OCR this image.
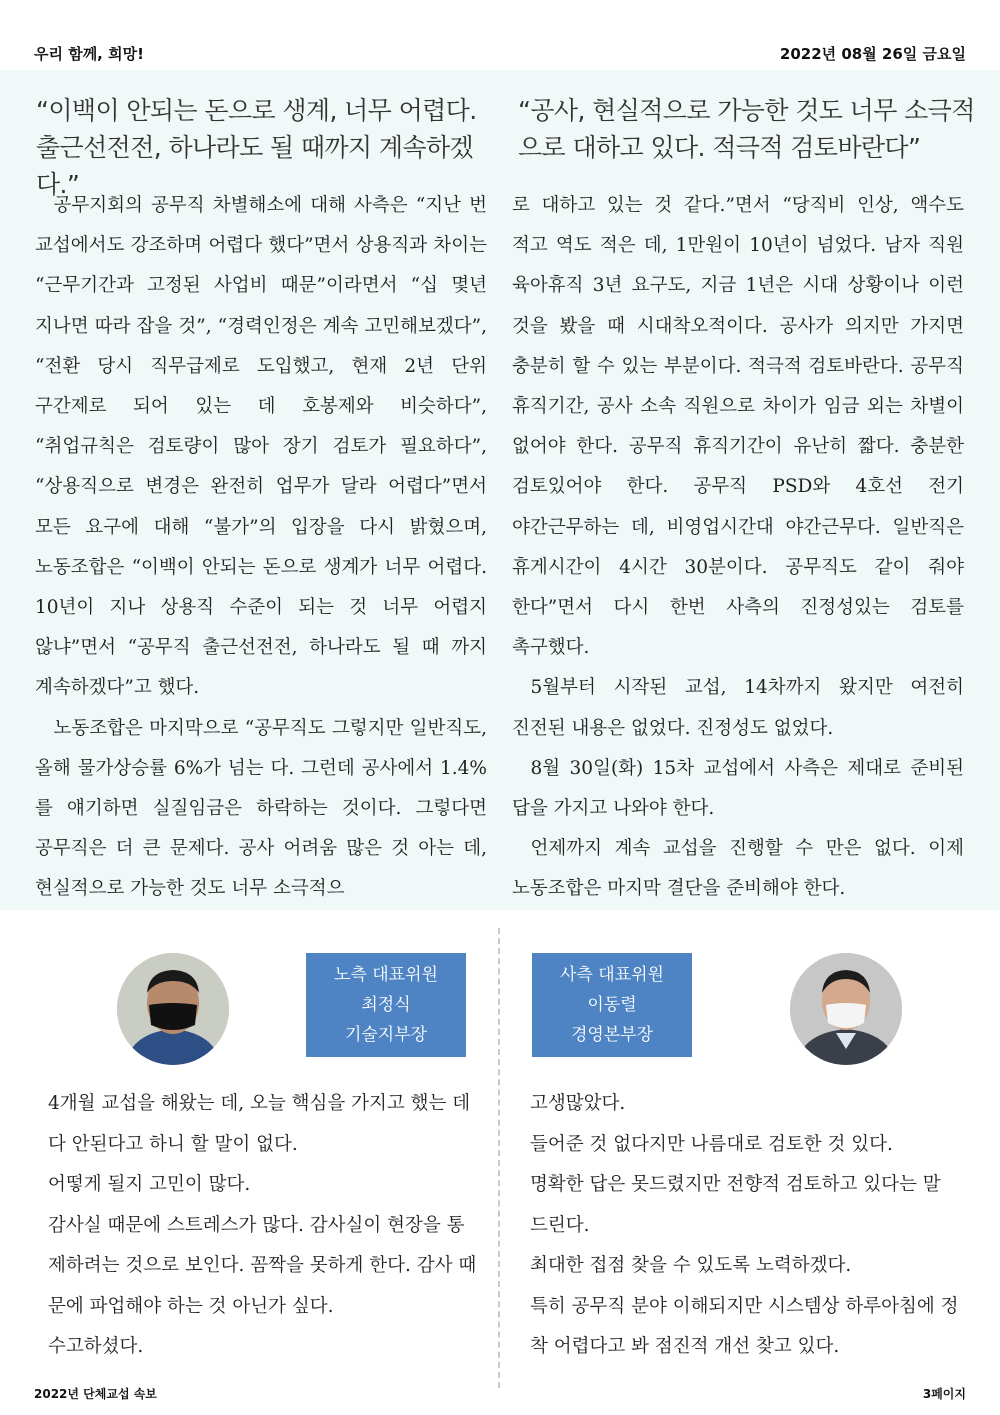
우리 함께, 희망!	2022년 08월 26일 금요일
“이백이 안되는 돈으로 생계, 너무 어렵다.
출근선전전, 하나라도 될 때까지 계속하겠다.”
“공사, 현실적으로 가능한 것도 너무 소극적
으로 대하고 있다. 적극적 검토바란다”

공무지회의 공무직 차별해소에 대해 사측은 “지난 번 교섭에서도 강조하며 어렵다 했다”면서 상용직과 차이는 “근무기간과 고정된 사업비 때문”이라면서 “십 몇년 지나면 따라 잡을 것”, “경력인정은 계속 고민해보겠다”, “전환 당시 직무급제로 도입했고, 현재 2년 단위 구간제로 되어 있는 데 호봉제와 비슷하다”, “취업규칙은 검토량이 많아 장기 검토가 필요하다”, “상용직으로 변경은 완전히 업무가 달라 어렵다”면서 모든 요구에 대해 “불가”의 입장을 다시 밝혔으며, 노동조합은 “이백이 안되는 돈으로 생계가 너무 어렵다. 10년이 지나 상용직 수준이 되는 것 너무 어렵지 않냐”면서 “공무직 출근선전전, 하나라도 될 때 까지 계속하겠다”고 했다.

노동조합은 마지막으로 “공무직도 그렇지만 일반직도, 올해 물가상승률 6%가 넘는 다. 그런데 공사에서 1.4%를 얘기하면 실질임금은 하락하는 것이다. 그렇다면 공무직은 더 큰 문제다. 공사 어려움 많은 것 아는 데, 현실적으로 가능한 것도 너무 소극적으

로 대하고 있는 것 같다.”면서 “당직비 인상, 액수도 적고 역도 적은 데, 1만원이 10년이 넘었다. 남자 직원 육아휴직 3년 요구도, 지금 1년은 시대 상황이나 이런 것을 봤을 때 시대착오적이다. 공사가 의지만 가지면 충분히 할 수 있는 부분이다. 적극적 검토바란다. 공무직 휴직기간, 공사 소속 직원으로 차이가 임금 외는 차별이 없어야 한다. 공무직 휴직기간이 유난히 짧다. 충분한 검토있어야 한다. 공무직 PSD와 4호선 전기 야간근무하는 데, 비영업시간대 야간근무다. 일반직은 휴게시간이 4시간 30분이다. 공무직도 같이 줘야 한다”면서 다시 한번 사측의 진정성있는 검토를 촉구했다.

5월부터 시작된 교섭, 14차까지 왔지만 여전히 진전된 내용은 없었다. 진정성도 없었다.

8월 30일(화) 15차 교섭에서 사측은 제대로 준비된 답을 가지고 나와야 한다.

언제까지 계속 교섭을 진행할 수 만은 없다. 이제 노동조합은 마지막 결단을 준비해야 한다.

노측 대표위원
최정식
기술지부장
사측 대표위원
이동렬
경영본부장

4개월 교섭을 해왔는 데, 오늘 핵심을 가지고 했는 데 다 안된다고 하니 할 말이 없다.

어떻게 될지 고민이 많다.

감사실 때문에 스트레스가 많다. 감사실이 현장을 통제하려는 것으로 보인다. 꼼짝을 못하게 한다. 감사 때문에 파업해야 하는 것 아닌가 싶다.

수고하셨다.

고생많았다.

들어준 것 없다지만 나름대로 검토한 것 있다.

명확한 답은 못드렸지만 전향적 검토하고 있다는 말 드린다.

최대한 접점 찾을 수 있도록 노력하겠다.

특히 공무직 분야 이해되지만 시스템상 하루아침에 정착 어렵다고 봐 점진적 개선 찾고 있다.

2022년 단체교섭 속보	3페이지
